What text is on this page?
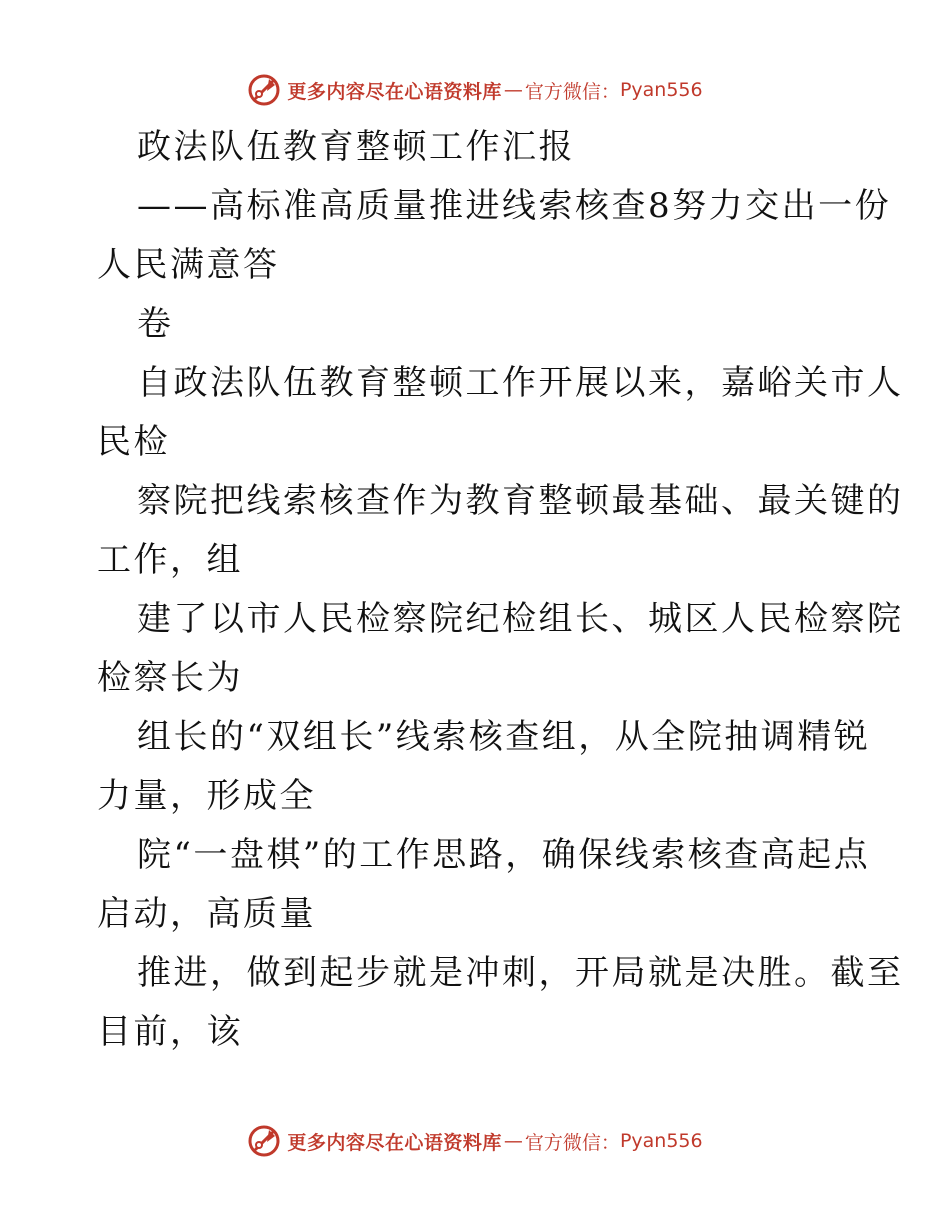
更多内容尽在心语资料库 — 官方微信： Pyan556
政法队伍教育整顿工作汇报
——高标准高质量推进线索核查8努力交出一份
人民满意答
卷
自政法队伍教育整顿工作开展以来，嘉峪关市人
民检
察院把线索核查作为教育整顿最基础、最关键的
工作，组
建了以市人民检察院纪检组长、城区人民检察院
检察长为
组长的“双组长”线索核查组，从全院抽调精锐
力量，形成全
院“一盘棋”的工作思路，确保线索核查高起点
启动，高质量
推进，做到起步就是冲刺，开局就是决胜。截至
目前，该
更多内容尽在心语资料库 — 官方微信： Pyan556
